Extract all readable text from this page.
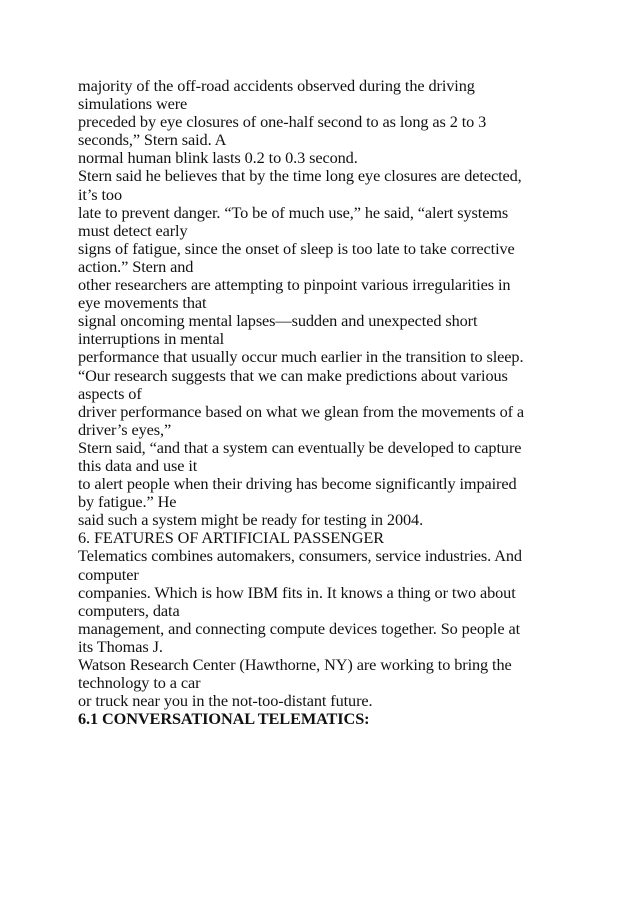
majority of the off-road accidents observed during the driving
simulations were
preceded by eye closures of one-half second to as long as 2 to 3
seconds,” Stern said. A
normal human blink lasts 0.2 to 0.3 second.
Stern said he believes that by the time long eye closures are detected,
it’s too
late to prevent danger. “To be of much use,” he said, “alert systems
must detect early
signs of fatigue, since the onset of sleep is too late to take corrective
action.” Stern and
other researchers are attempting to pinpoint various irregularities in
eye movements that
signal oncoming mental lapses—sudden and unexpected short
interruptions in mental
performance that usually occur much earlier in the transition to sleep.
“Our research suggests that we can make predictions about various
aspects of
driver performance based on what we glean from the movements of a
driver’s eyes,”
Stern said, “and that a system can eventually be developed to capture
this data and use it
to alert people when their driving has become significantly impaired
by fatigue.” He
said such a system might be ready for testing in 2004.
6. FEATURES OF ARTIFICIAL PASSENGER
Telematics combines automakers, consumers, service industries. And
computer
companies. Which is how IBM fits in. It knows a thing or two about
computers, data
management, and connecting compute devices together. So people at
its Thomas J.
Watson Research Center (Hawthorne, NY) are working to bring the
technology to a car
or truck near you in the not-too-distant future.
6.1 CONVERSATIONAL TELEMATICS:
